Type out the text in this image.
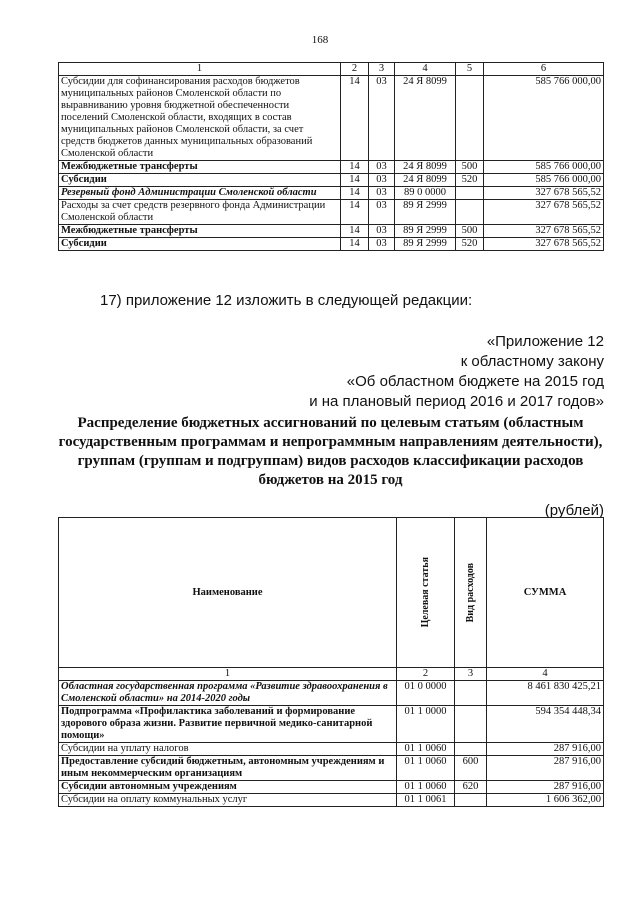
168
1	2	3	4	5	6
Субсидии для софинансирования расходов бюджетов муниципальных районов Смоленской области по выравниванию уровня бюджетной обеспеченности поселений Смоленской области, входящих в состав муниципальных районов Смоленской области, за счет средств бюджетов данных муниципальных образований Смоленской области	14	03	24 Я 8099		585 766 000,00
Межбюджетные трансферты	14	03	24 Я 8099	500	585 766 000,00
Субсидии	14	03	24 Я 8099	520	585 766 000,00
Резервный фонд Администрации Смоленской области	14	03	89 0 0000		327 678 565,52
Расходы за счет средств резервного фонда Администрации Смоленской области	14	03	89 Я 2999		327 678 565,52
Межбюджетные трансферты	14	03	89 Я 2999	500	327 678 565,52
Субсидии	14	03	89 Я 2999	520	327 678 565,52
17) приложение 12 изложить в следующей редакции:
«Приложение 12
к областному закону
«Об областном бюджете на 2015 год
и на плановый период 2016 и 2017 годов»
Распределение бюджетных ассигнований по целевым статьям (областным государственным программам и непрограммным направлениям деятельности), группам (группам и подгруппам) видов расходов классификации расходов бюджетов на 2015 год
(рублей)
Наименование	Целевая статья	Вид расходов	СУММА
1	2	3	4
Областная государственная программа «Развитие здравоохранения в Смоленской области» на 2014-2020 годы	01 0 0000		8 461 830 425,21
Подпрограмма «Профилактика заболеваний и формирование здорового образа жизни. Развитие первичной медико-санитарной помощи»	01 1 0000		594 354 448,34
Субсидии на уплату налогов	01 1 0060		287 916,00
Предоставление субсидий бюджетным, автономным учреждениям и иным некоммерческим организациям	01 1 0060	600	287 916,00
Субсидии автономным учреждениям	01 1 0060	620	287 916,00
Субсидии на оплату коммунальных услуг	01 1 0061		1 606 362,00
